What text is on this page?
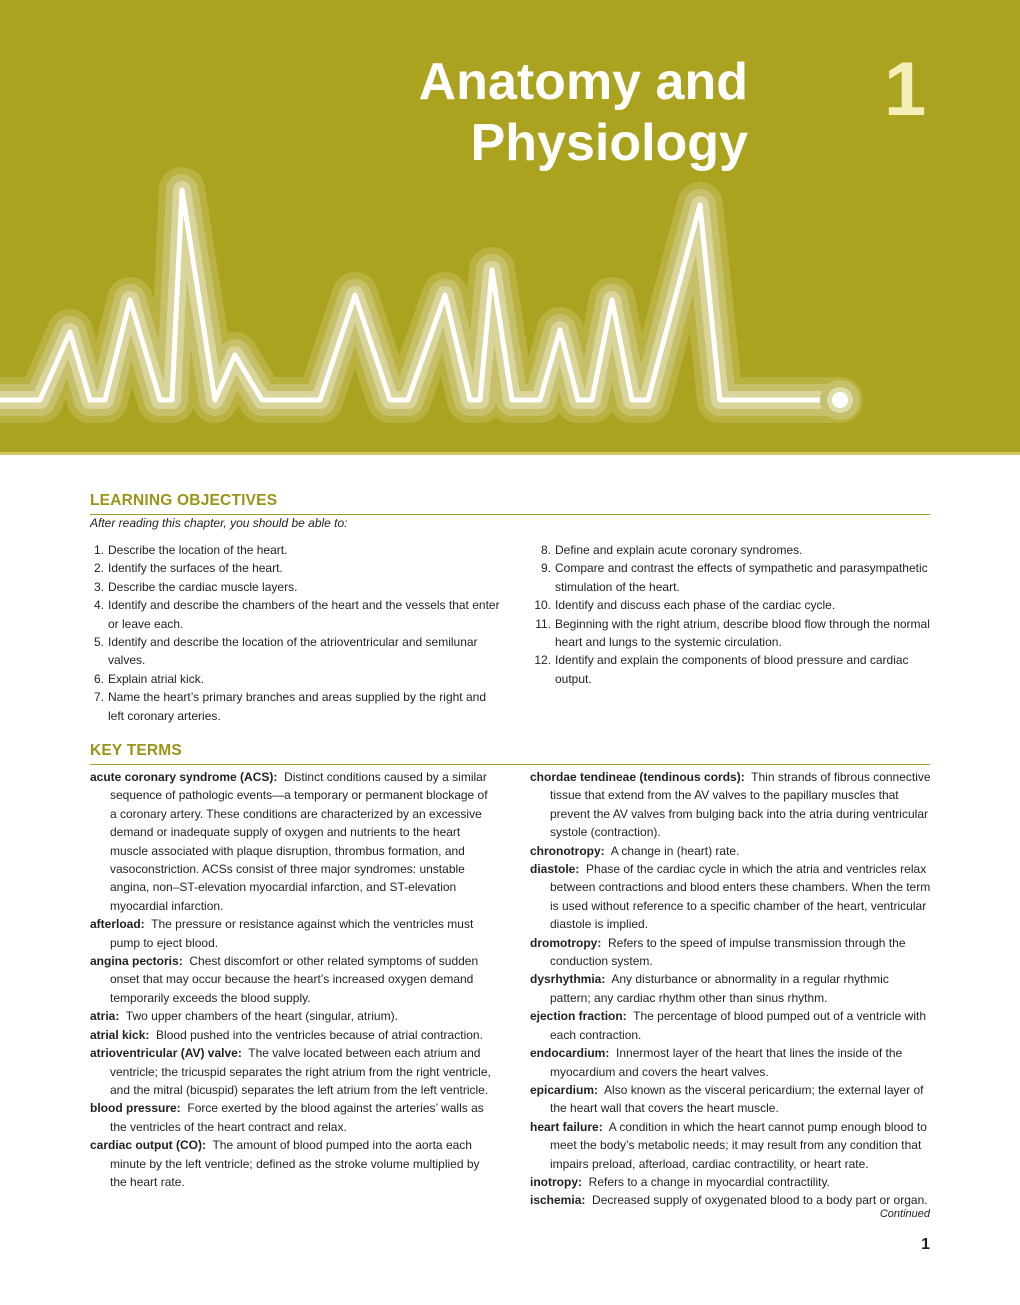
Anatomy and
Physiology
1
LEARNING OBJECTIVES

After reading this chapter, you should be able to:

1. Describe the location of the heart.
2. Identify the surfaces of the heart.
3. Describe the cardiac muscle layers.
4. Identify and describe the chambers of the heart and the vessels that enter or leave each.
5. Identify and describe the location of the atrioventricular and semilunar valves.
6. Explain atrial kick.
7. Name the heart’s primary branches and areas supplied by the right and left coronary arteries.
8. Define and explain acute coronary syndromes.
9. Compare and contrast the effects of sympathetic and parasympathetic stimulation of the heart.
10. Identify and discuss each phase of the cardiac cycle.
11. Beginning with the right atrium, describe blood flow through the normal heart and lungs to the systemic circulation.
12. Identify and explain the components of blood pressure and cardiac output.
KEY TERMS
acute coronary syndrome (ACS): Distinct conditions caused by a similar sequence of pathologic events—a temporary or permanent blockage of a coronary artery. These conditions are characterized by an excessive demand or inadequate supply of oxygen and nutrients to the heart muscle associated with plaque disruption, thrombus formation, and vasoconstriction. ACSs consist of three major syndromes: unstable angina, non–ST-elevation myocardial infarction, and ST-elevation myocardial infarction.
afterload: The pressure or resistance against which the ventricles must pump to eject blood.
angina pectoris: Chest discomfort or other related symptoms of sudden onset that may occur because the heart’s increased oxygen demand temporarily exceeds the blood supply.
atria: Two upper chambers of the heart (singular, atrium).
atrial kick: Blood pushed into the ventricles because of atrial contraction.
atrioventricular (AV) valve: The valve located between each atrium and ventricle; the tricuspid separates the right atrium from the right ventricle, and the mitral (bicuspid) separates the left atrium from the left ventricle.
blood pressure: Force exerted by the blood against the arteries’ walls as the ventricles of the heart contract and relax.
cardiac output (CO): The amount of blood pumped into the aorta each minute by the left ventricle; defined as the stroke volume multiplied by the heart rate.
chordae tendineae (tendinous cords): Thin strands of fibrous connective tissue that extend from the AV valves to the papillary muscles that prevent the AV valves from bulging back into the atria during ventricular systole (contraction).
chronotropy: A change in (heart) rate.
diastole: Phase of the cardiac cycle in which the atria and ventricles relax between contractions and blood enters these chambers. When the term is used without reference to a specific chamber of the heart, ventricular diastole is implied.
dromotropy: Refers to the speed of impulse transmission through the conduction system.
dysrhythmia: Any disturbance or abnormality in a regular rhythmic pattern; any cardiac rhythm other than sinus rhythm.
ejection fraction: The percentage of blood pumped out of a ventricle with each contraction.
endocardium: Innermost layer of the heart that lines the inside of the myocardium and covers the heart valves.
epicardium: Also known as the visceral pericardium; the external layer of the heart wall that covers the heart muscle.
heart failure: A condition in which the heart cannot pump enough blood to meet the body’s metabolic needs; it may result from any condition that impairs preload, afterload, cardiac contractility, or heart rate.
inotropy: Refers to a change in myocardial contractility.
ischemia: Decreased supply of oxygenated blood to a body part or organ.
Continued
1
